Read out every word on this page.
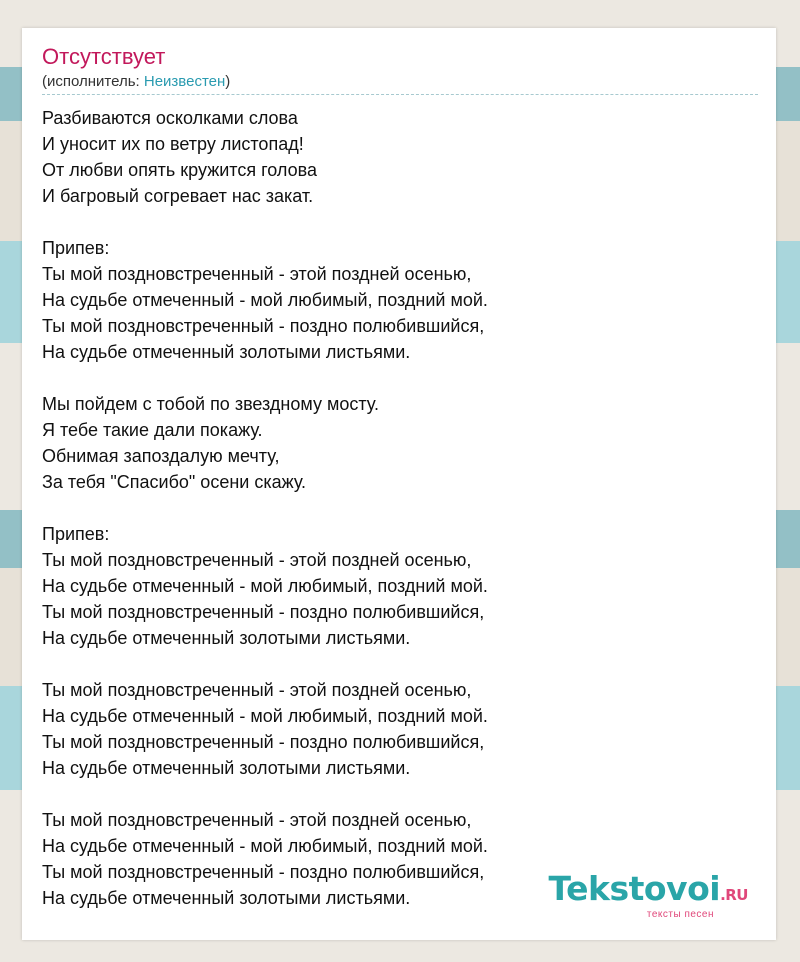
Отсутствует
(исполнитель: Неизвестен)
Разбиваются осколками слова
И уносит их по ветру листопад!
От любви опять кружится голова
И багровый согревает нас закат.
Припев:
Ты мой поздновстреченный - этой поздней осенью,
На судьбе отмеченный - мой любимый, поздний мой.
Ты мой поздновстреченный - поздно полюбившийся,
На судьбе отмеченный золотыми листьями.
Мы пойдем с тобой по звездному мосту.
Я тебе такие дали покажу.
Обнимая запоздалую мечту,
За тебя "Спасибо" осени скажу.
Припев:
Ты мой поздновстреченный - этой поздней осенью,
На судьбе отмеченный - мой любимый, поздний мой.
Ты мой поздновстреченный - поздно полюбившийся,
На судьбе отмеченный золотыми листьями.
Ты мой поздновстреченный - этой поздней осенью,
На судьбе отмеченный - мой любимый, поздний мой.
Ты мой поздновстреченный - поздно полюбившийся,
На судьбе отмеченный золотыми листьями.
Ты мой поздновстреченный - этой поздней осенью,
На судьбе отмеченный - мой любимый, поздний мой.
Ты мой поздновстреченный - поздно полюбившийся,
На судьбе отмеченный золотыми листьями.	Tekstovoi.RU
тексты песен
